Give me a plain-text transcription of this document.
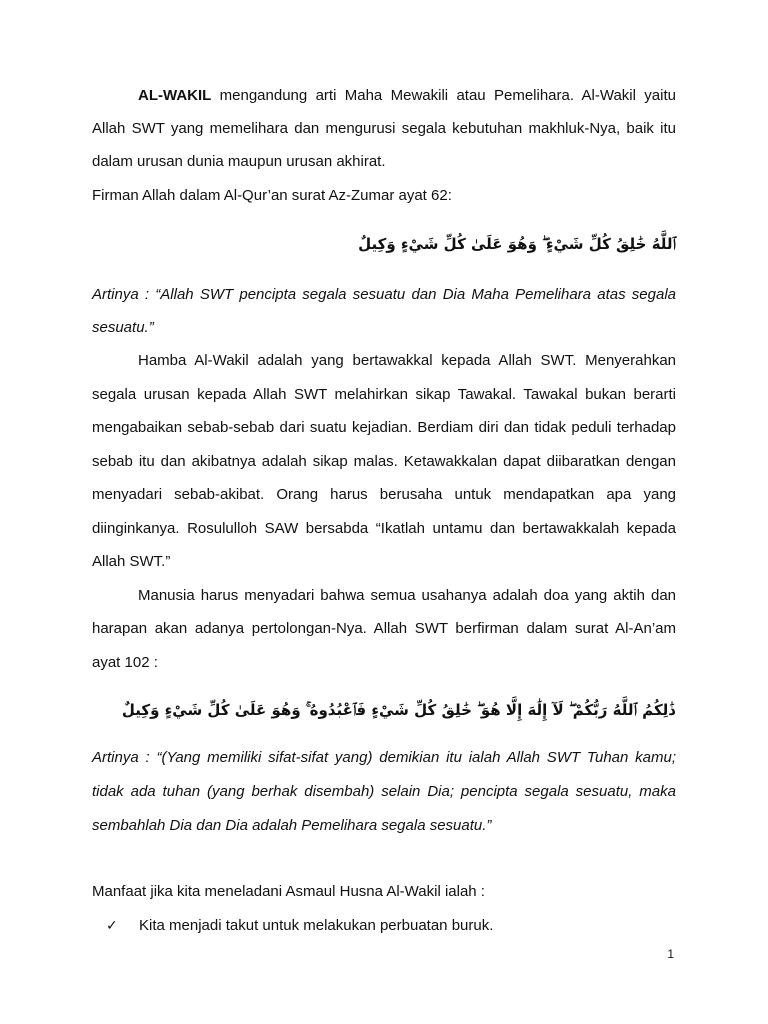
AL-WAKIL mengandung arti Maha Mewakili atau Pemelihara. Al-Wakil yaitu
Allah SWT yang memelihara dan mengurusi segala kebutuhan makhluk-Nya, baik itu
dalam urusan dunia maupun urusan akhirat.
Firman Allah dalam Al-Qur’an surat Az-Zumar ayat 62:
ٱللَّهُ خَٰلِقُ كُلِّ شَيْءٍ ۖ وَهُوَ عَلَىٰ كُلِّ شَيْءٍ وَكِيلٌ
Artinya : “Allah SWT pencipta segala sesuatu dan Dia Maha Pemelihara atas segala
sesuatu.”
Hamba Al-Wakil adalah yang bertawakkal kepada Allah SWT. Menyerahkan
segala urusan kepada Allah SWT melahirkan sikap Tawakal. Tawakal bukan berarti
mengabaikan sebab-sebab dari suatu kejadian. Berdiam diri dan tidak peduli terhadap
sebab itu dan akibatnya adalah sikap malas. Ketawakkalan dapat diibaratkan dengan
menyadari sebab-akibat. Orang harus berusaha untuk mendapatkan apa yang
diinginkanya. Rosululloh SAW bersabda “Ikatlah untamu dan bertawakkalah kepada
Allah SWT.”
Manusia harus menyadari bahwa semua usahanya adalah doa yang aktih dan
harapan akan adanya pertolongan-Nya. Allah SWT berfirman dalam surat Al-An’am
ayat 102 :
ذَٰلِكُمُ ٱللَّهُ رَبُّكُمْ ۖ لَآ إِلَٰهَ إِلَّا هُوَ ۖ خَٰلِقُ كُلِّ شَيْءٍ فَٱعْبُدُوهُ ۚ وَهُوَ عَلَىٰ كُلِّ شَيْءٍ وَكِيلٌ
Artinya : “(Yang memiliki sifat-sifat yang) demikian itu ialah Allah SWT Tuhan kamu;
tidak ada tuhan (yang berhak disembah) selain Dia; pencipta segala sesuatu, maka
sembahlah Dia dan Dia adalah Pemelihara segala sesuatu.”
Manfaat jika kita meneladani Asmaul Husna Al-Wakil ialah :
✓ Kita menjadi takut untuk melakukan perbuatan buruk.
1
